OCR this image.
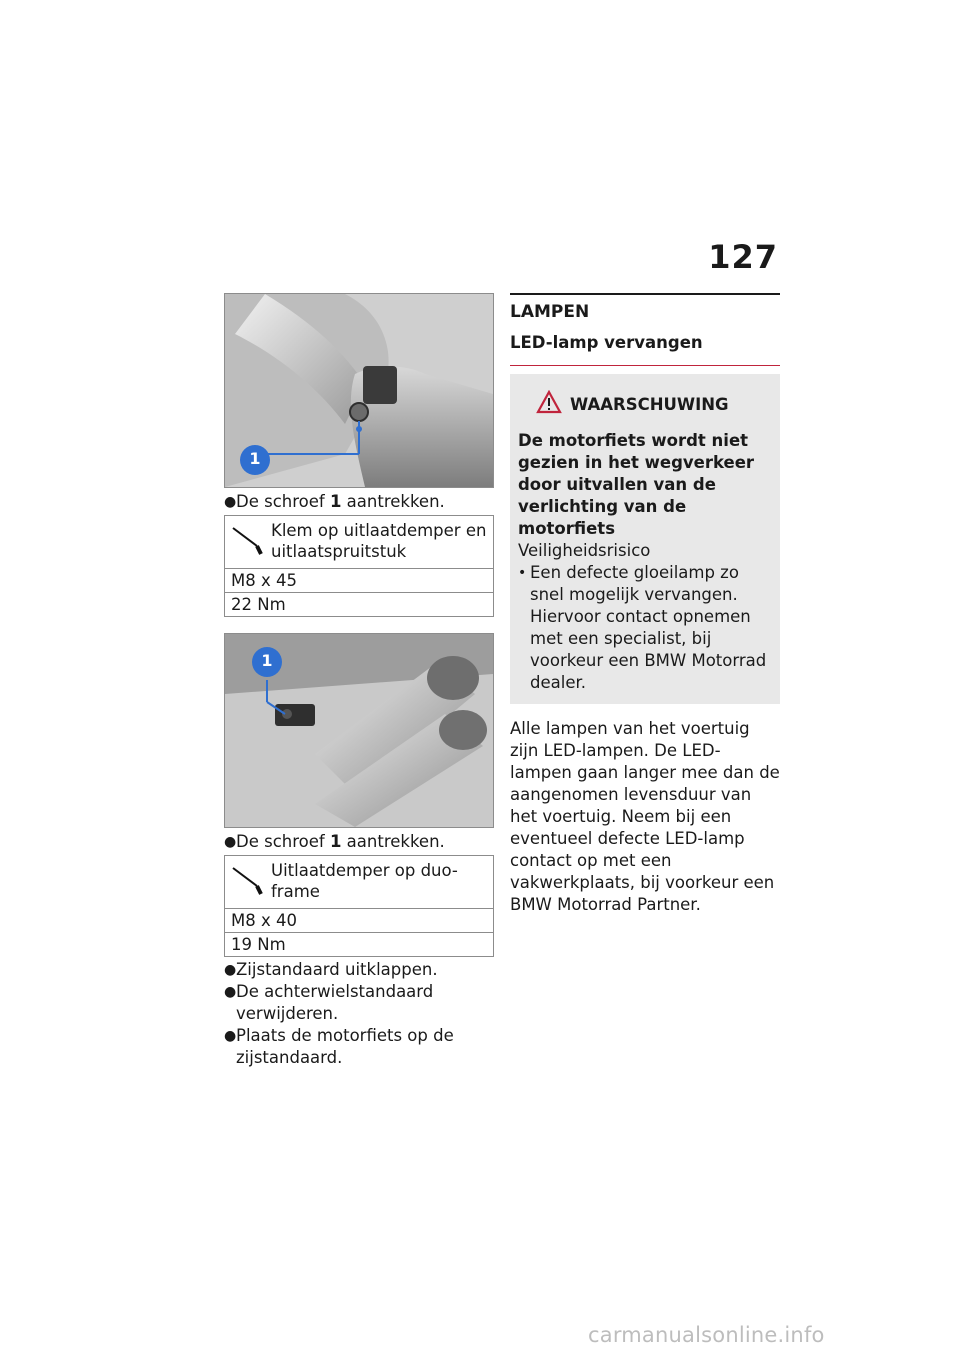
127
1
● De schroef 1 aantrekken.
Klem op uitlaatdemper en uitlaatspruitstuk
M8 x 45
22 Nm
1
● De schroef 1 aantrekken.
Uitlaatdemper op duo-frame
M8 x 40
19 Nm
● Zijstandaard uitklappen.
● De achterwielstandaard verwijderen.
● Plaats de motorfiets op de zijstandaard.
LAMPEN
LED-lamp vervangen
WAARSCHUWING
De motorfiets wordt niet gezien in het wegverkeer door uitvallen van de verlichting van de motorfiets
Veiligheidsrisico
• Een defecte gloeilamp zo snel mogelijk vervangen. Hiervoor contact opnemen met een specialist, bij voorkeur een BMW Motorrad dealer.
Alle lampen van het voertuig zijn LED-lampen. De LED-lampen gaan langer mee dan de aangenomen levensduur van het voertuig. Neem bij een eventueel defecte LED-lamp contact op met een vakwerkplaats, bij voorkeur een BMW Motorrad Partner.
carmanualsonline.info
